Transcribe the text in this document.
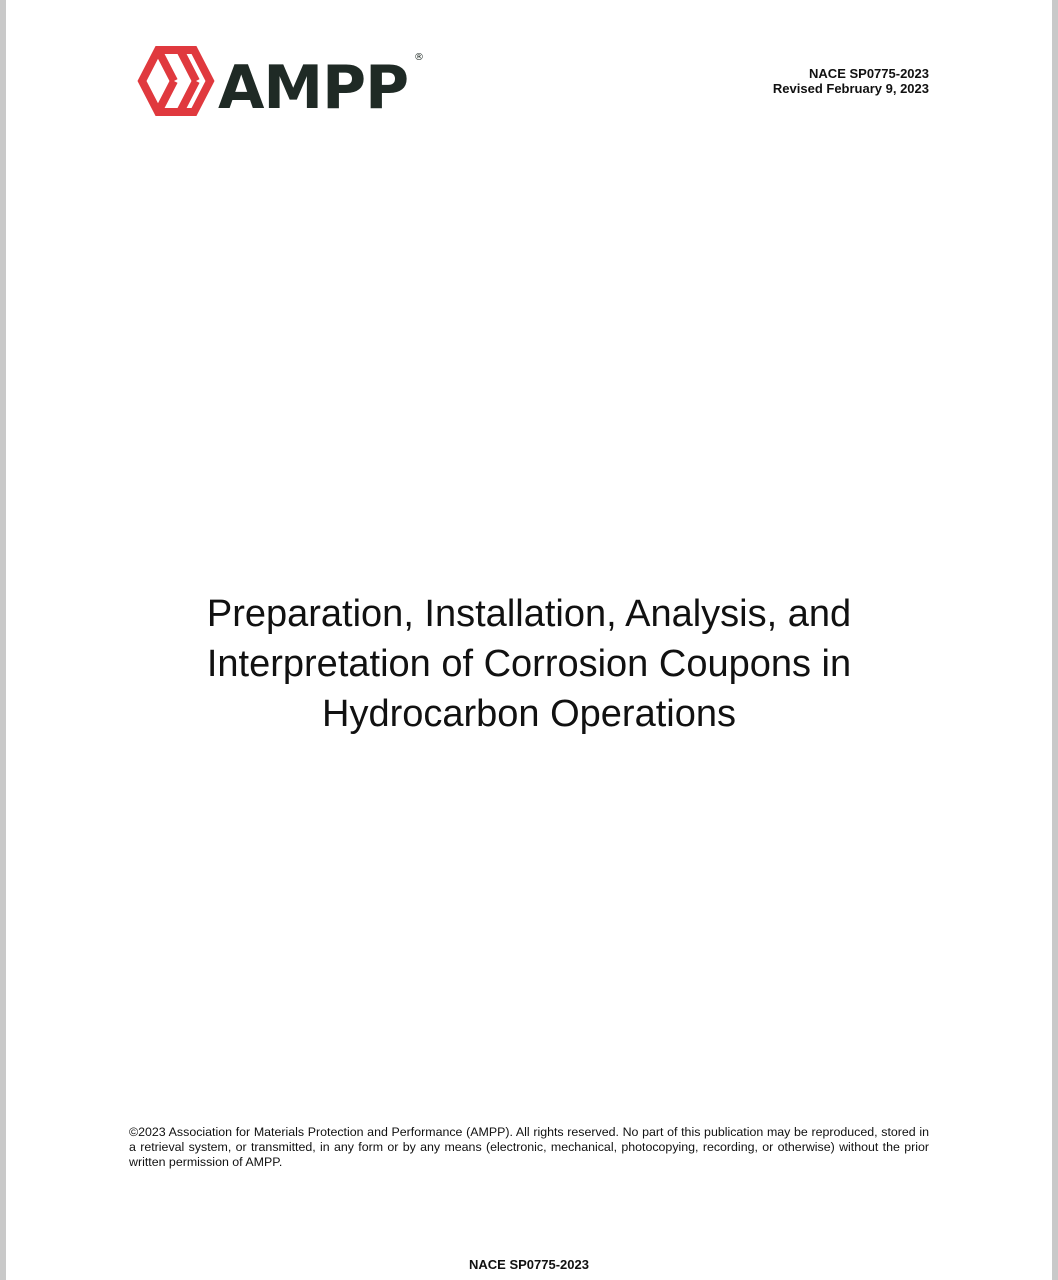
AMPP ®
NACE SP0775-2023
Revised February 9, 2023
Preparation, Installation, Analysis, and
Interpretation of Corrosion Coupons in
Hydrocarbon Operations
©2023 Association for Materials Protection and Performance (AMPP). All rights reserved. No part of this publication may be reproduced, stored in a retrieval system, or transmitted, in any form or by any means (electronic, mechanical, photocopying, recording, or otherwise) without the prior written permission of AMPP.
NACE SP0775-2023
